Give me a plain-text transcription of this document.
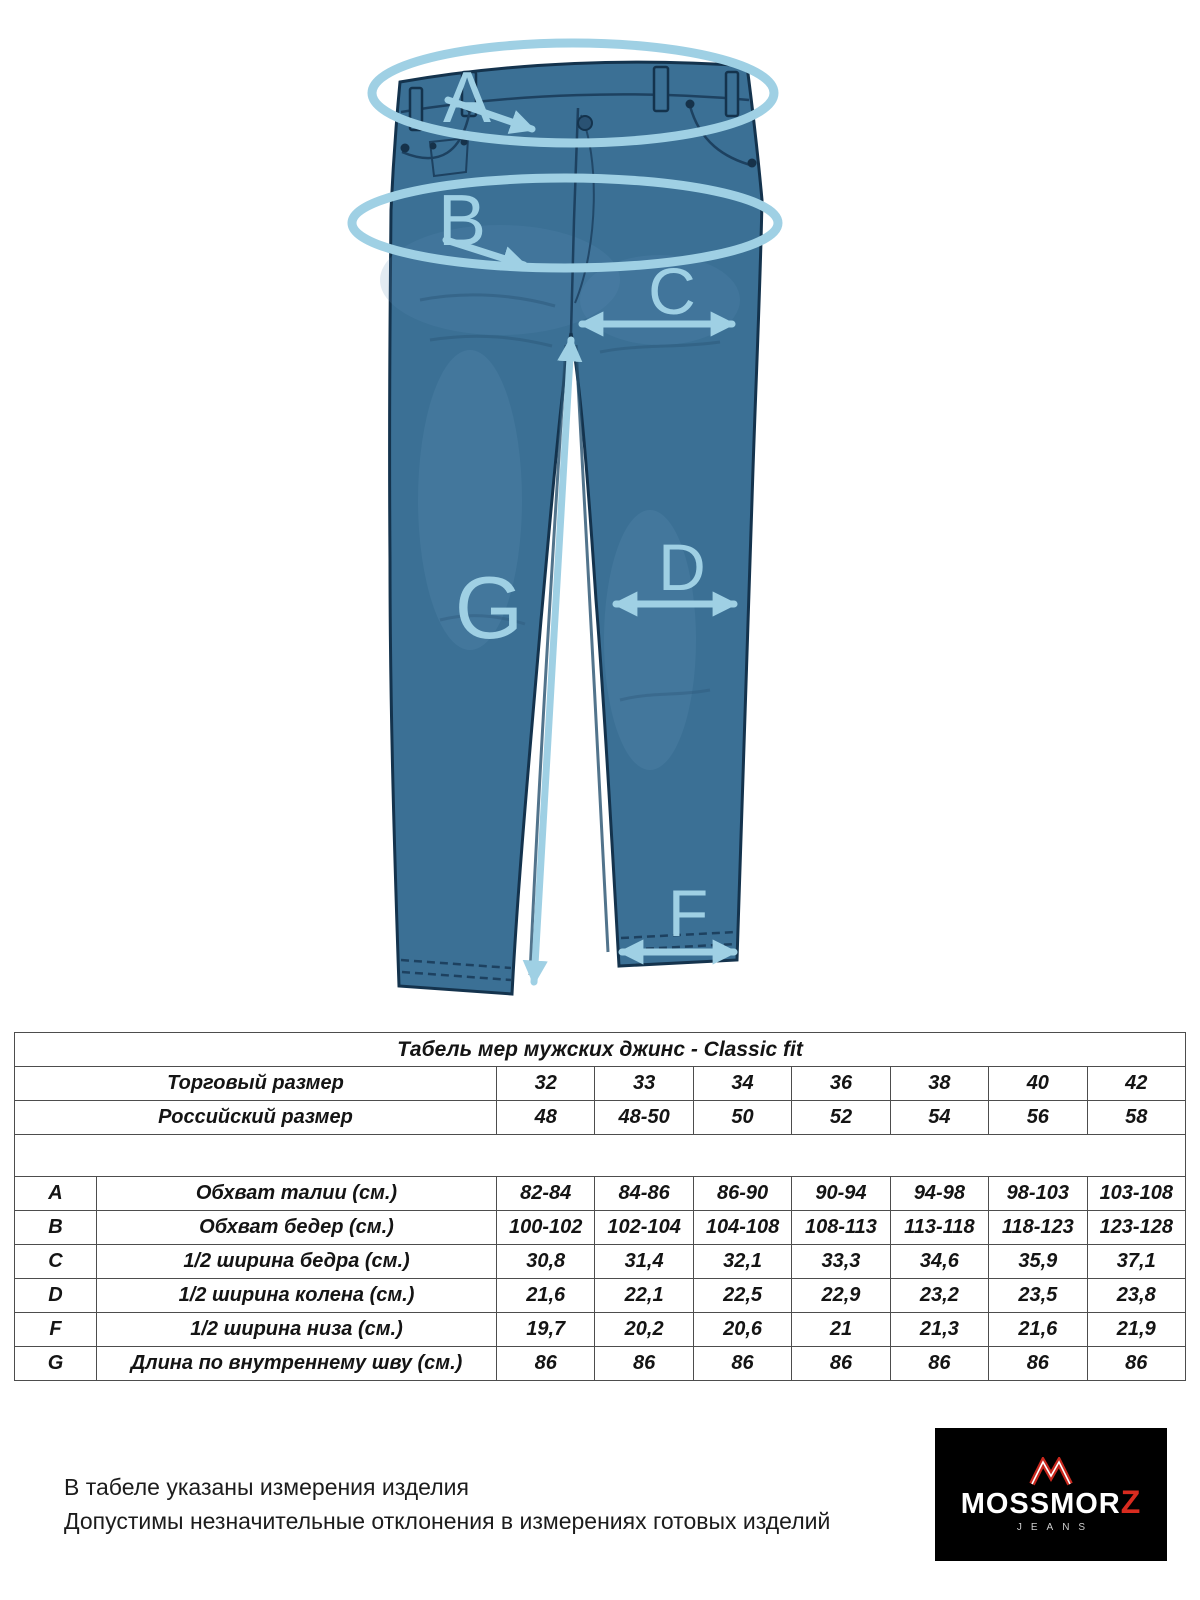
A
B
C
D
F
G
Табель мер мужских джинс - Classic fit								
Торговый размер		32	33	34	36	38	40	42
Российский размер		48	48-50	50	52	54	56	58

A	Обхват талии (см.)	82-84	84-86	86-90	90-94	94-98	98-103	103-108
B	Обхват бедер (см.)	100-102	102-104	104-108	108-113	113-118	118-123	123-128
C	1/2 ширина бедра (см.)	30,8	31,4	32,1	33,3	34,6	35,9	37,1
D	1/2 ширина колена (см.)	21,6	22,1	22,5	22,9	23,2	23,5	23,8
F	1/2 ширина низа (см.)	19,7	20,2	20,6	21	21,3	21,6	21,9
G	Длина по внутреннему шву (см.)	86	86	86	86	86	86	86
В табеле указаны измерения изделия
Допустимы незначительные отклонения в измерениях готовых изделий
MOSSMORZ
JEANS
